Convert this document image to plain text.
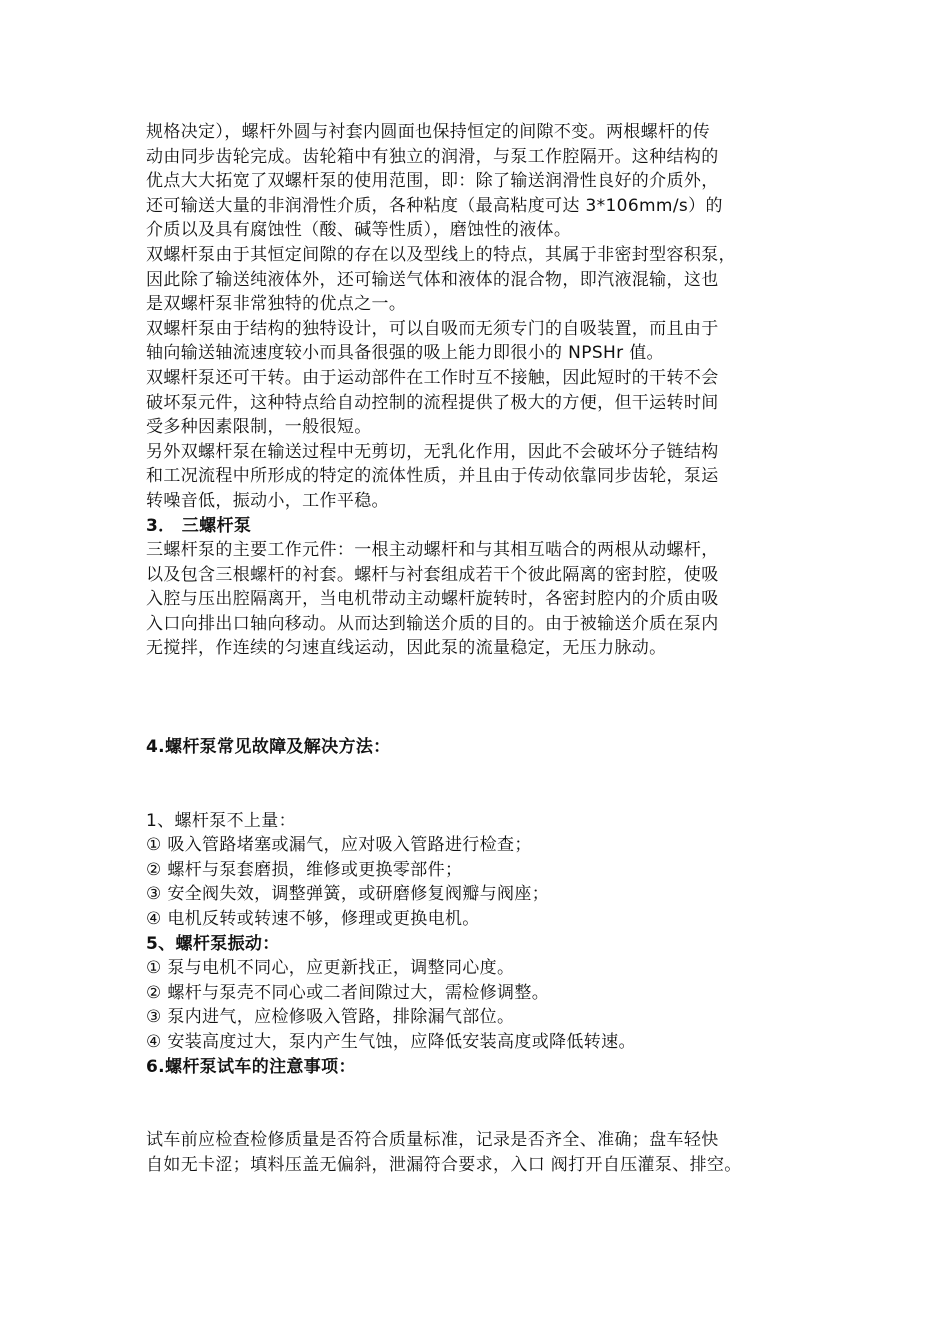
规格决定），螺杆外圆与衬套内圆面也保持恒定的间隙不变。两根螺杆的传
动由同步齿轮完成。齿轮箱中有独立的润滑，与泵工作腔隔开。这种结构的
优点大大拓宽了双螺杆泵的使用范围，即：除了输送润滑性良好的介质外，
还可输送大量的非润滑性介质，各种粘度（最高粘度可达 3*106mm/s）的
介质以及具有腐蚀性（酸、碱等性质），磨蚀性的液体。
双螺杆泵由于其恒定间隙的存在以及型线上的特点，其属于非密封型容积泵，
因此除了输送纯液体外，还可输送气体和液体的混合物，即汽液混输，这也
是双螺杆泵非常独特的优点之一。
双螺杆泵由于结构的独特设计，可以自吸而无须专门的自吸装置，而且由于
轴向输送轴流速度较小而具备很强的吸上能力即很小的 NPSHr 值。
双螺杆泵还可干转。由于运动部件在工作时互不接触，因此短时的干转不会
破坏泵元件，这种特点给自动控制的流程提供了极大的方便，但干运转时间
受多种因素限制，一般很短。
另外双螺杆泵在输送过程中无剪切，无乳化作用，因此不会破坏分子链结构
和工况流程中所形成的特定的流体性质，并且由于传动依靠同步齿轮，泵运
转噪音低，振动小，工作平稳。
3． 三螺杆泵
三螺杆泵的主要工作元件：一根主动螺杆和与其相互啮合的两根从动螺杆，
以及包含三根螺杆的衬套。螺杆与衬套组成若干个彼此隔离的密封腔，使吸
入腔与压出腔隔离开，当电机带动主动螺杆旋转时，各密封腔内的介质由吸
入口向排出口轴向移动。从而达到输送介质的目的。由于被输送介质在泵内
无搅拌，作连续的匀速直线运动，因此泵的流量稳定，无压力脉动。
4.螺杆泵常见故障及解决方法：
1、螺杆泵不上量：
① 吸入管路堵塞或漏气，应对吸入管路进行检查；
② 螺杆与泵套磨损，维修或更换零部件；
③ 安全阀失效，调整弹簧，或研磨修复阀瓣与阀座；
④ 电机反转或转速不够，修理或更换电机。
5、螺杆泵振动：
① 泵与电机不同心，应更新找正，调整同心度。
② 螺杆与泵壳不同心或二者间隙过大，需检修调整。
③ 泵内进气，应检修吸入管路，排除漏气部位。
④ 安装高度过大，泵内产生气蚀，应降低安装高度或降低转速。
6.螺杆泵试车的注意事项：
试车前应检查检修质量是否符合质量标准，记录是否齐全、准确；盘车轻快
自如无卡涩；填料压盖无偏斜，泄漏符合要求，入口 阀打开自压灌泵、排空。
